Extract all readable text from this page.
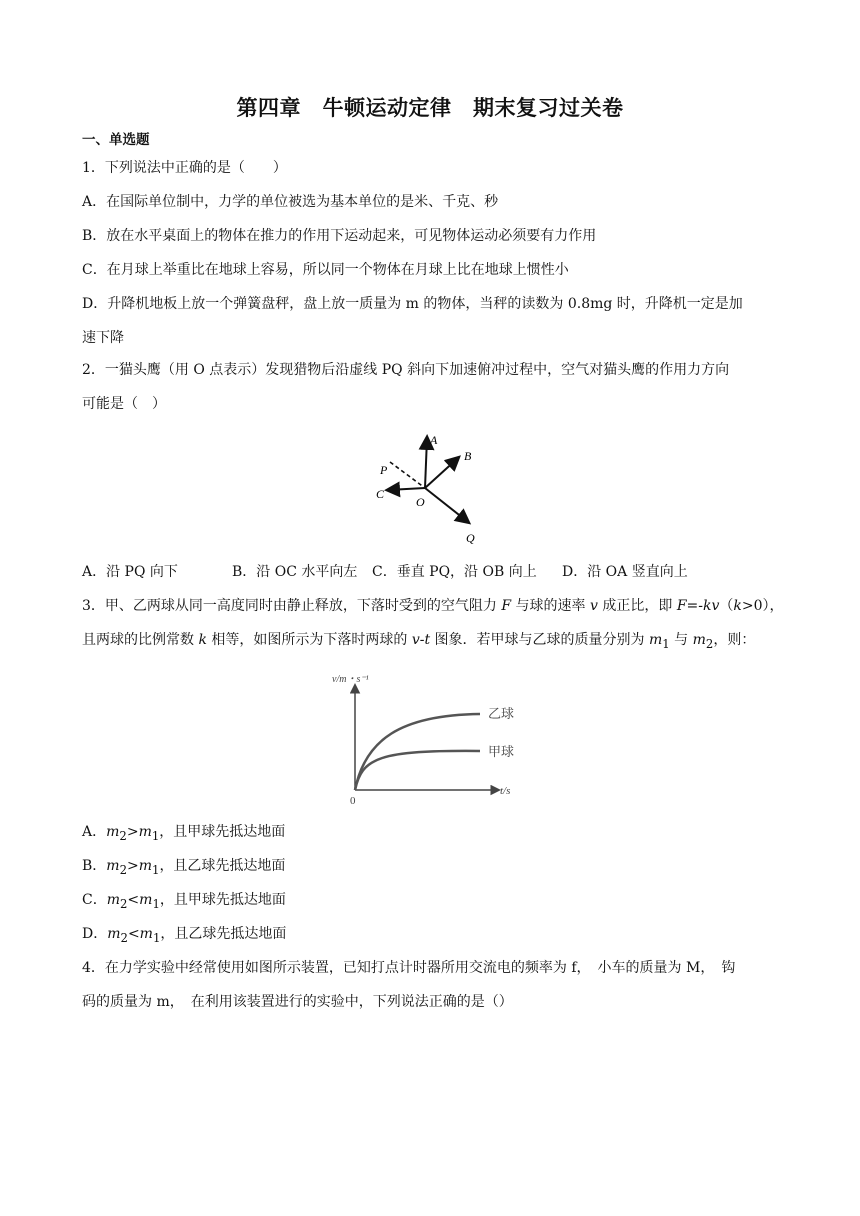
第四章　牛顿运动定律　期末复习过关卷
一、单选题
1．下列说法中正确的是（　　）
A．在国际单位制中，力学的单位被选为基本单位的是米、千克、秒
B．放在水平桌面上的物体在推力的作用下运动起来，可见物体运动必须要有力作用
C．在月球上举重比在地球上容易，所以同一个物体在月球上比在地球上惯性小
D．升降机地板上放一个弹簧盘秤，盘上放一质量为 m 的物体，当秤的读数为 0.8mg 时，升降机一定是加
速下降
2．一猫头鹰（用 O 点表示）发现猎物后沿虚线 PQ 斜向下加速俯冲过程中，空气对猫头鹰的作用力方向
可能是（　）
A
B
C
O
P
Q
A．沿 PQ 向下	B．沿 OC 水平向左 C．垂直 PQ，沿 OB 向上 D．沿 OA 竖直向上
3．甲、乙两球从同一高度同时由静止释放，下落时受到的空气阻力 F 与球的速率 v 成正比，即 F=-kv（k>0），
且两球的比例常数 k 相等，如图所示为下落时两球的 v-t 图象．若甲球与乙球的质量分别为 $m_1$ 与 $m_2$，则：
v/m・s⁻¹
t/s
0
乙球
甲球
A．$m_2>m_1$，且甲球先抵达地面
B．$m_2>m_1$，且乙球先抵达地面
C．$m_2<m_1$，且甲球先抵达地面
D．$m_2<m_1$，且乙球先抵达地面
4．在力学实验中经常使用如图所示装置，已知打点计时器所用交流电的频率为 f，　小车的质量为 M，　钩
码的质量为 m，　在利用该装置进行的实验中，下列说法正确的是（）
